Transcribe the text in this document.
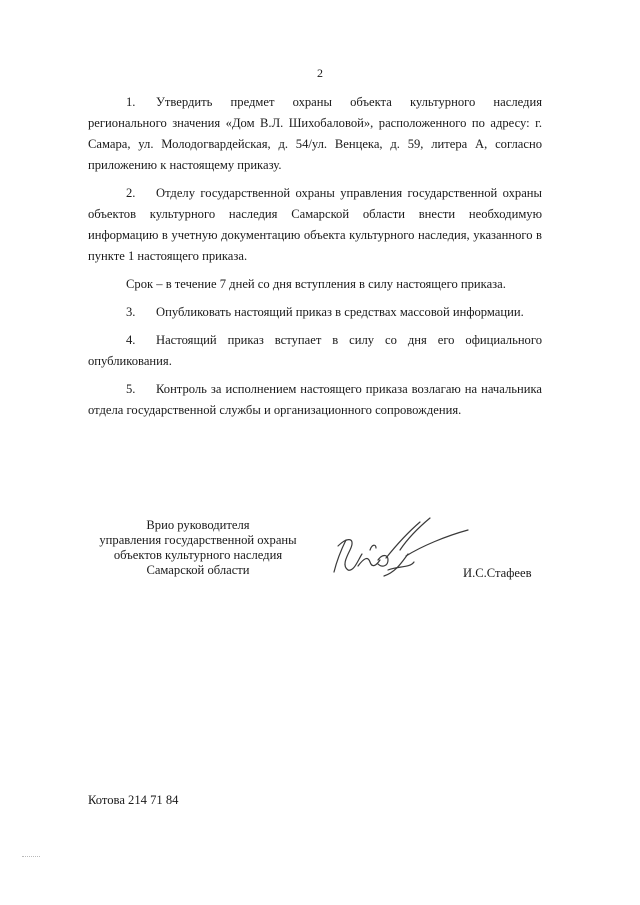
2

1. Утвердить предмет охраны объекта культурного наследия регионального значения «Дом В.Л. Шихобаловой», расположенного по адресу: г. Самара, ул. Молодогвардейская, д. 54/ул. Венцека, д. 59, литера А, согласно приложению к настоящему приказу.

2. Отделу государственной охраны управления государственной охраны объектов культурного наследия Самарской области внести необходимую информацию в учетную документацию объекта культурного наследия, указанного в пункте 1 настоящего приказа.

Срок – в течение 7 дней со дня вступления в силу настоящего приказа.

3. Опубликовать настоящий приказ в средствах массовой информации.

4. Настоящий приказ вступает в силу со дня его официального опубликования.

5. Контроль за исполнением настоящего приказа возлагаю на начальника отдела государственной службы и организационного сопровождения.

Врио руководителя
управления государственной охраны
объектов культурного наследия
Самарской области	И.С.Стафеев
Котова 214 71 84
